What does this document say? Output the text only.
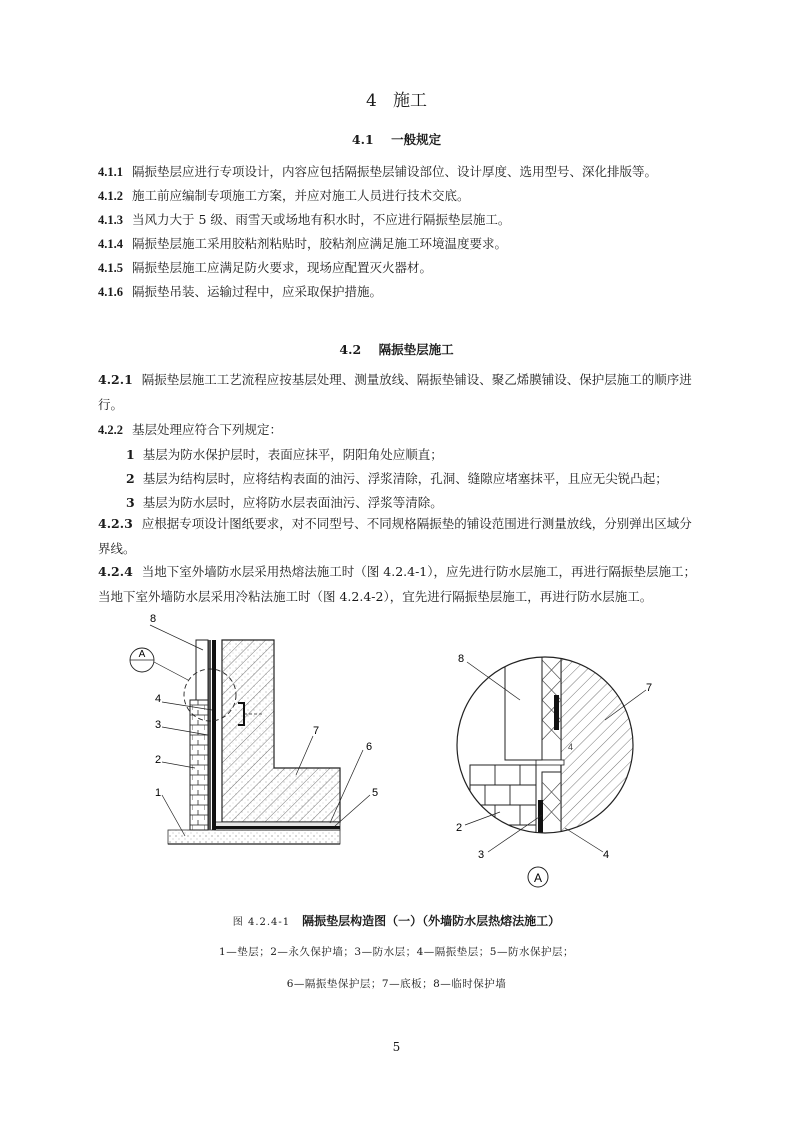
4 施工
4.1 一般规定
4.1.1 隔振垫层应进行专项设计，内容应包括隔振垫层铺设部位、设计厚度、选用型号、深化排版等。
4.1.2 施工前应编制专项施工方案，并应对施工人员进行技术交底。
4.1.3 当风力大于 5 级、雨雪天或场地有积水时，不应进行隔振垫层施工。
4.1.4 隔振垫层施工采用胶粘剂粘贴时，胶粘剂应满足施工环境温度要求。
4.1.5 隔振垫层施工应满足防火要求，现场应配置灭火器材。
4.1.6 隔振垫吊装、运输过程中，应采取保护措施。
4.2 隔振垫层施工
4.2.1 隔振垫层施工工艺流程应按基层处理、测量放线、隔振垫铺设、聚乙烯膜铺设、保护层施工的顺序进行。
4.2.2 基层处理应符合下列规定：
1 基层为防水保护层时，表面应抹平，阴阳角处应顺直；
2 基层为结构层时，应将结构表面的油污、浮浆清除，孔洞、缝隙应堵塞抹平，且应无尖锐凸起；
3 基层为防水层时，应将防水层表面油污、浮浆等清除。
4.2.3 应根据专项设计图纸要求，对不同型号、不同规格隔振垫的铺设范围进行测量放线，分别弹出区域分界线。
4.2.4 当地下室外墙防水层采用热熔法施工时（图 4.2.4-1），应先进行防水层施工，再进行隔振垫层施工；当地下室外墙防水层采用冷粘法施工时（图 4.2.4-2），宜先进行隔振垫层施工，再进行防水层施工。
A
8
4
3
2
1
7
6
5
8
7
4
2
3	4
A
图 4.2.4-1 隔振垫层构造图（一）（外墙防水层热熔法施工）
1—垫层；2—永久保护墙；3—防水层；4—隔振垫层；5—防水保护层；
6—隔振垫保护层；7—底板；8—临时保护墙
5
